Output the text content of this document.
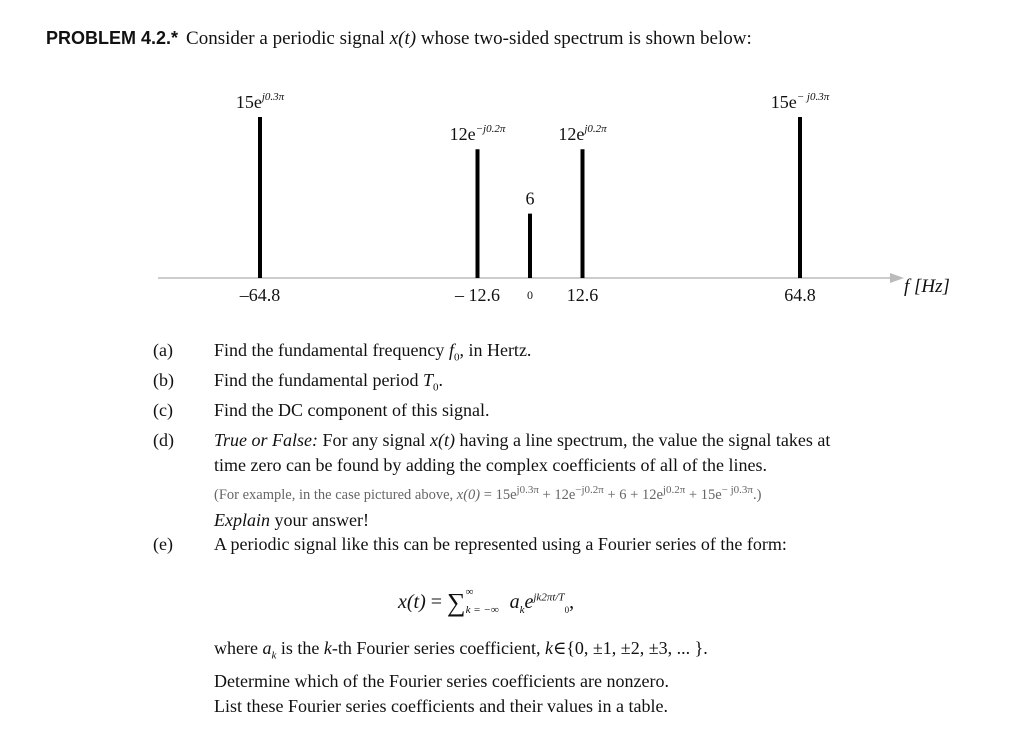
PROBLEM 4.2.* Consider a periodic signal x(t) whose two-sided spectrum is shown below:
f [Hz]
$15e^{j0.3\pi}$
–64.8
$12e^{-j0.2\pi}$
– 12.6
6
0
$12e^{j0.2\pi}$
12.6
$15e^{- j0.3\pi}$
64.8
(a)	Find the fundamental frequency $f_0$, in Hertz.
(b)	Find the fundamental period $T_0$.
(c)	Find the DC component of this signal.
(d)	True or False: For any signal x(t) having a line spectrum, the value the signal takes at
time zero can be found by adding the complex coefficients of all of the lines.
(For example, in the case pictured above, $x(0) = 15e^{j0.3\pi} + 12e^{-j0.2\pi} + 6 + 12e^{j0.2\pi} + 15e^{- j0.3\pi}$.)
Explain your answer!
(e)	A periodic signal like this can be represented using a Fourier series of the form:
x(t) = ∑ ∞
k = −∞ $a_ke^{jk2\pi t/T}_0$,
where $a_k$ is the k-th Fourier series coefficient, k∈{0, ±1, ±2, ±3, ... }.
Determine which of the Fourier series coefficients are nonzero.
List these Fourier series coefficients and their values in a table.
